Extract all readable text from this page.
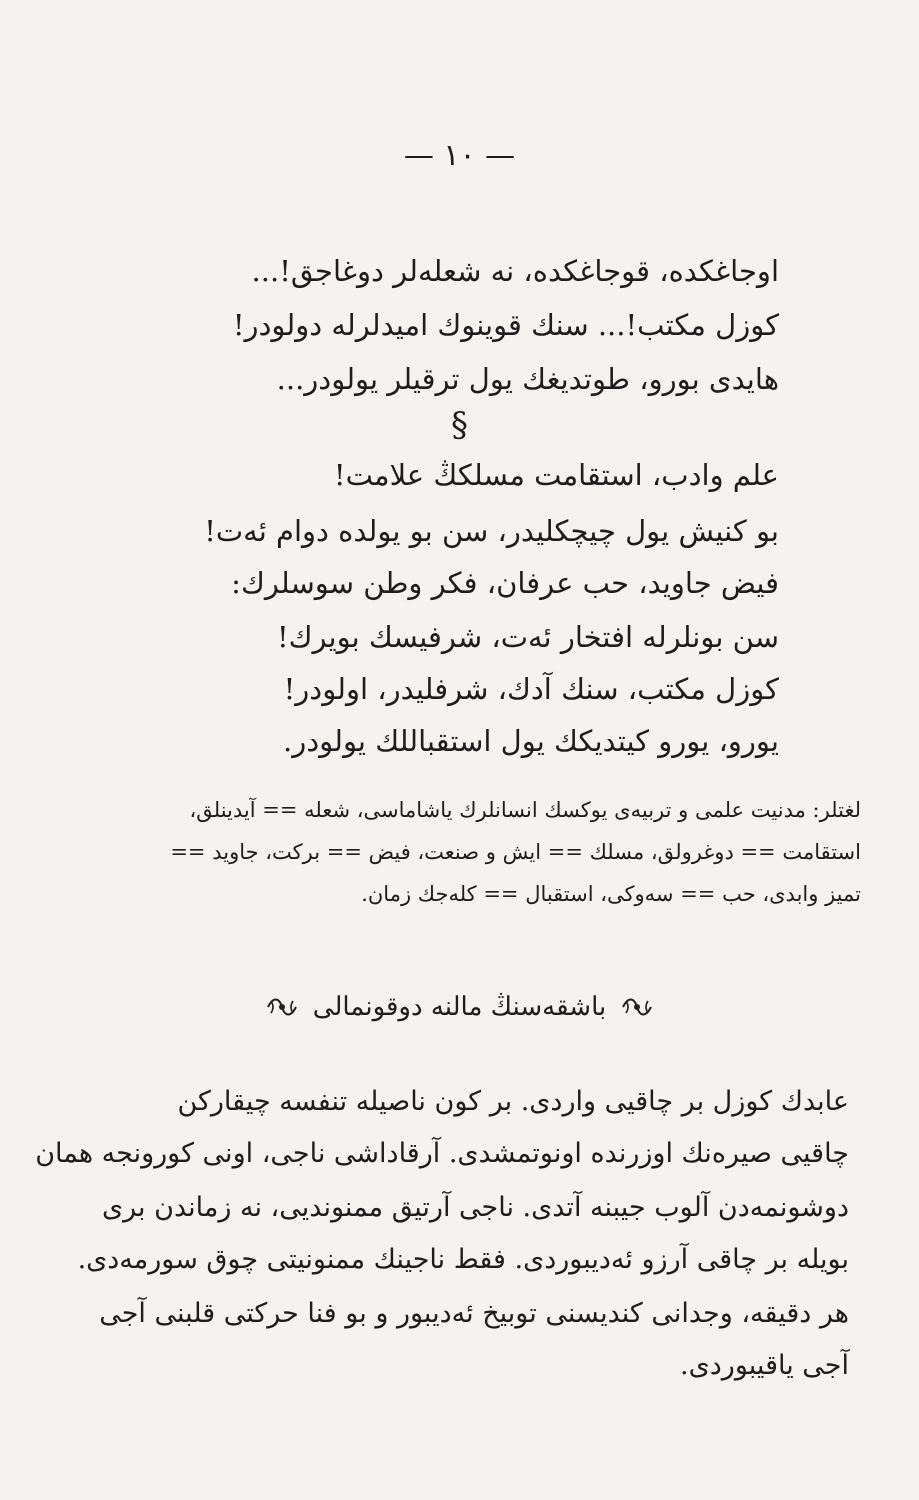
— ١٠ —
اوجاغكده، قوجاغكده، نه شعله‌لر دوغاجق!...
كوزل مكتب!... سنك قوينوك اميدلرله دولودر!
هايدى بورو، طوتديغك يول ترقيلر يولودر...
§
علم وادب، استقامت مسلكڭ علامت!
بو كنيش يول چيچكليدر، سن بو يولده دوام ئه‌ت!
فيض جاويد، حب عرفان، فكر وطن سوسلرك:
سن بونلرله افتخار ئه‌ت، شرفيسك بويرك!
كوزل مكتب، سنك آدك، شرفليدر، اولودر!
يورو، يورو كيتديكك يول استقباللك يولودر.
لغتلر: مدنيت علمى و تربيه‌ى يوكسك انسانلرك ياشاماسى، شعله == آيدينلق،
استقامت == دوغرولق، مسلك == ايش و صنعت، فيض == بركت، جاويد ==
تميز وابدى، حب == سه‌وكى، استقبال == كله‌جك زمان.
باشقه‌سنڭ مالنه دوقونمالى
عابدك كوزل بر چاقيى واردى. بر كون ناصيله تنفسه چيقاركن
چاقيى صيره‌نك اوزرنده اونوتمشدى. آرقاداشى ناجى، اونى كورونجه همان
دوشونمه‌دن آلوب جيبنه آتدى. ناجى آرتيق ممنونديى، نه زماندن برى
بويله بر چاقى آرزو ئه‌ديبوردى. فقط ناجينك ممنونيتى چوق سورمه‌دى.
هر دقيقه، وجدانى كنديسنى توبيخ ئه‌ديبور و بو فنا حركتى قلبنى آجى
آجى ياقيبوردى.
